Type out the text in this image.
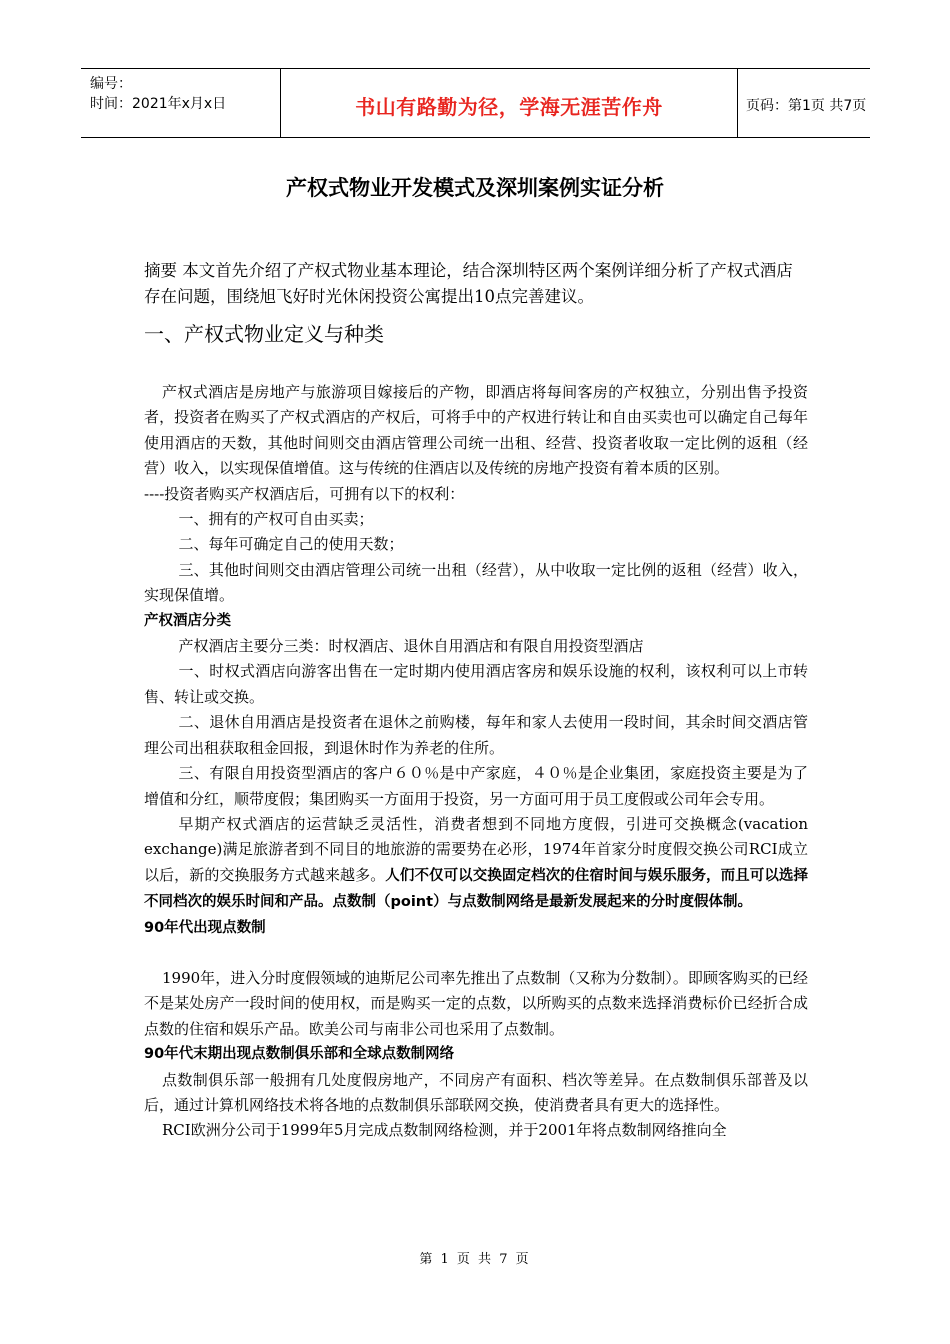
编号：
时间：2021年x月x日	书山有路勤为径，学海无涯苦作舟	页码：第1页 共7页
产权式物业开发模式及深圳案例实证分析
摘要 本文首先介绍了产权式物业基本理论，结合深圳特区两个案例详细分析了产权式酒店存在问题，围绕旭飞好时光休闲投资公寓提出10点完善建议。
一、产权式物业定义与种类

产权式酒店是房地产与旅游项目嫁接后的产物，即酒店将每间客房的产权独立，分别出售予投资者，投资者在购买了产权式酒店的产权后，可将手中的产权进行转让和自由买卖也可以确定自己每年使用酒店的天数，其他时间则交由酒店管理公司统一出租、经营、投资者收取一定比例的返租（经营）收入，以实现保值增值。这与传统的住酒店以及传统的房地产投资有着本质的区别。

----投资者购买产权酒店后，可拥有以下的权利：

一、拥有的产权可自由买卖；

二、每年可确定自己的使用天数；

三、其他时间则交由酒店管理公司统一出租（经营），从中收取一定比例的返租（经营）收入，实现保值增。

产权酒店分类

产权酒店主要分三类：时权酒店、退休自用酒店和有限自用投资型酒店

一、时权式酒店向游客出售在一定时期内使用酒店客房和娱乐设施的权利，该权利可以上市转售、转让或交换。

二、退休自用酒店是投资者在退休之前购楼，每年和家人去使用一段时间，其余时间交酒店管理公司出租获取租金回报，到退休时作为养老的住所。

三、有限自用投资型酒店的客户６０％是中产家庭，４０％是企业集团，家庭投资主要是为了增值和分红，顺带度假；集团购买一方面用于投资，另一方面可用于员工度假或公司年会专用。

早期产权式酒店的运营缺乏灵活性，消费者想到不同地方度假，引进可交换概念(vacation exchange)满足旅游者到不同目的地旅游的需要势在必形，1974年首家分时度假交换公司RCI成立以后，新的交换服务方式越来越多。人们不仅可以交换固定档次的住宿时间与娱乐服务，而且可以选择不同档次的娱乐时间和产品。点数制（point）与点数制网络是最新发展起来的分时度假体制。

90年代出现点数制

1990年，进入分时度假领域的迪斯尼公司率先推出了点数制（又称为分数制）。即顾客购买的已经不是某处房产一段时间的使用权，而是购买一定的点数，以所购买的点数来选择消费标价已经折合成点数的住宿和娱乐产品。欧美公司与南非公司也采用了点数制。

90年代末期出现点数制俱乐部和全球点数制网络

点数制俱乐部一般拥有几处度假房地产，不同房产有面积、档次等差异。在点数制俱乐部普及以后，通过计算机网络技术将各地的点数制俱乐部联网交换，使消费者具有更大的选择性。

RCI欧洲分公司于1999年5月完成点数制网络检测，并于2001年将点数制网络推向全

第 1 页 共 7 页
